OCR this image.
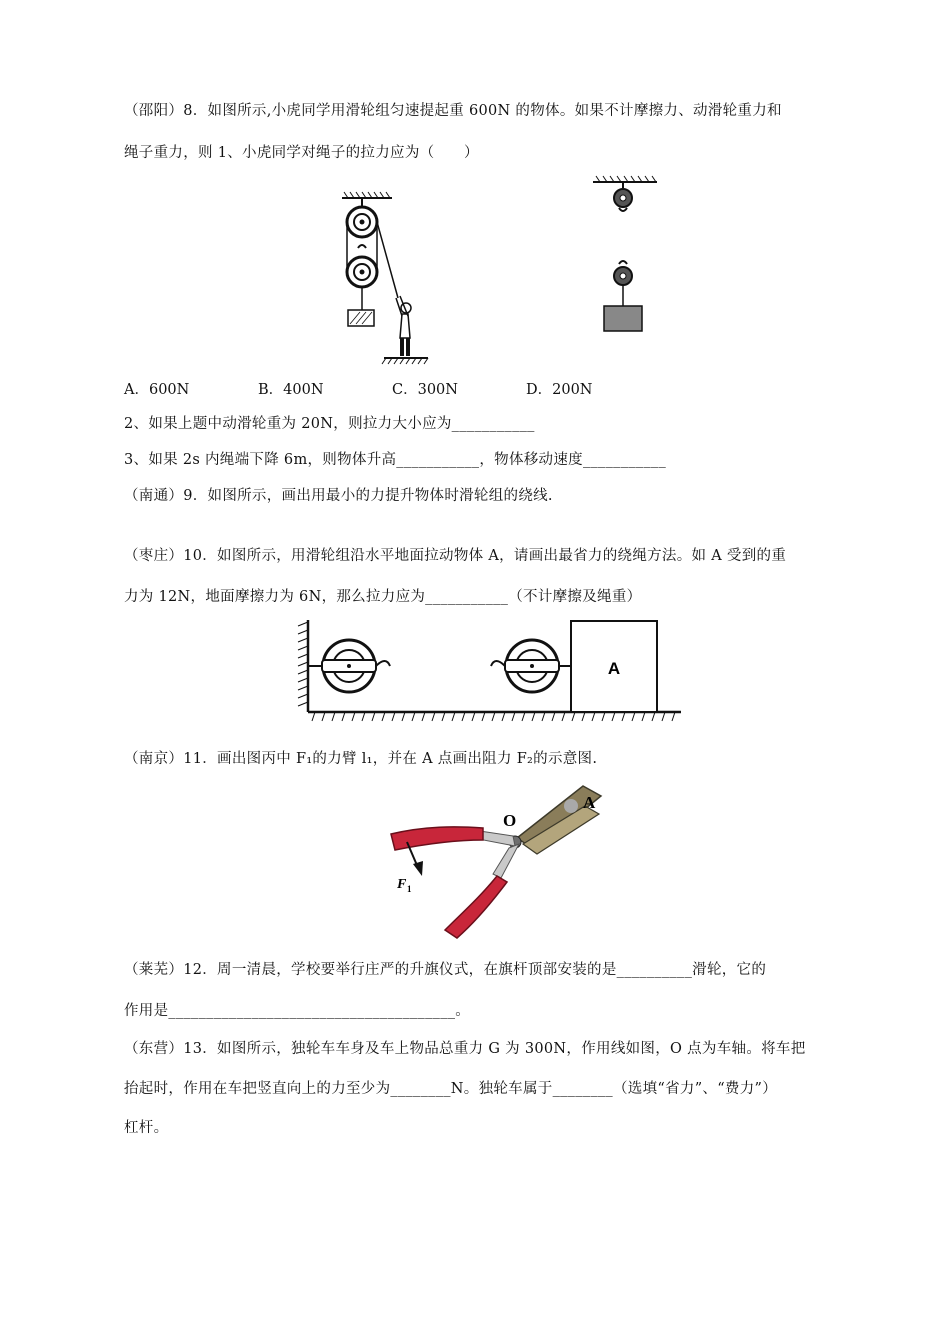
（邵阳）8．如图所示,小虎同学用滑轮组匀速提起重 600N 的物体。如果不计摩擦力、动滑轮重力和
绳子重力，则 1、小虎同学对绳子的拉力应为（　　）
A．600N	B．400N	C．300N	D．200N
2、如果上题中动滑轮重为 20N，则拉力大小应为___________
3、如果 2s 内绳端下降 6m，则物体升高___________，物体移动速度___________
（南通）9．如图所示，画出用最小的力提升物体时滑轮组的绕线.
（枣庄）10．如图所示，用滑轮组沿水平地面拉动物体 A，请画出最省力的绕绳方法。如 A 受到的重
力为 12N，地面摩擦力为 6N，那么拉力应为___________（不计摩擦及绳重）
A
（南京）11．画出图丙中 F₁的力臂 l₁，并在 A 点画出阻力 F₂的示意图.
O
A
F 1
（莱芜）12．周一清晨，学校要举行庄严的升旗仪式，在旗杆顶部安装的是__________滑轮，它的
作用是______________________________________。
（东营）13．如图所示，独轮车车身及车上物品总重力 G 为 300N，作用线如图，O 点为车轴。将车把
抬起时，作用在车把竖直向上的力至少为________N。独轮车属于________（选填“省力”、“费力”）
杠杆。
